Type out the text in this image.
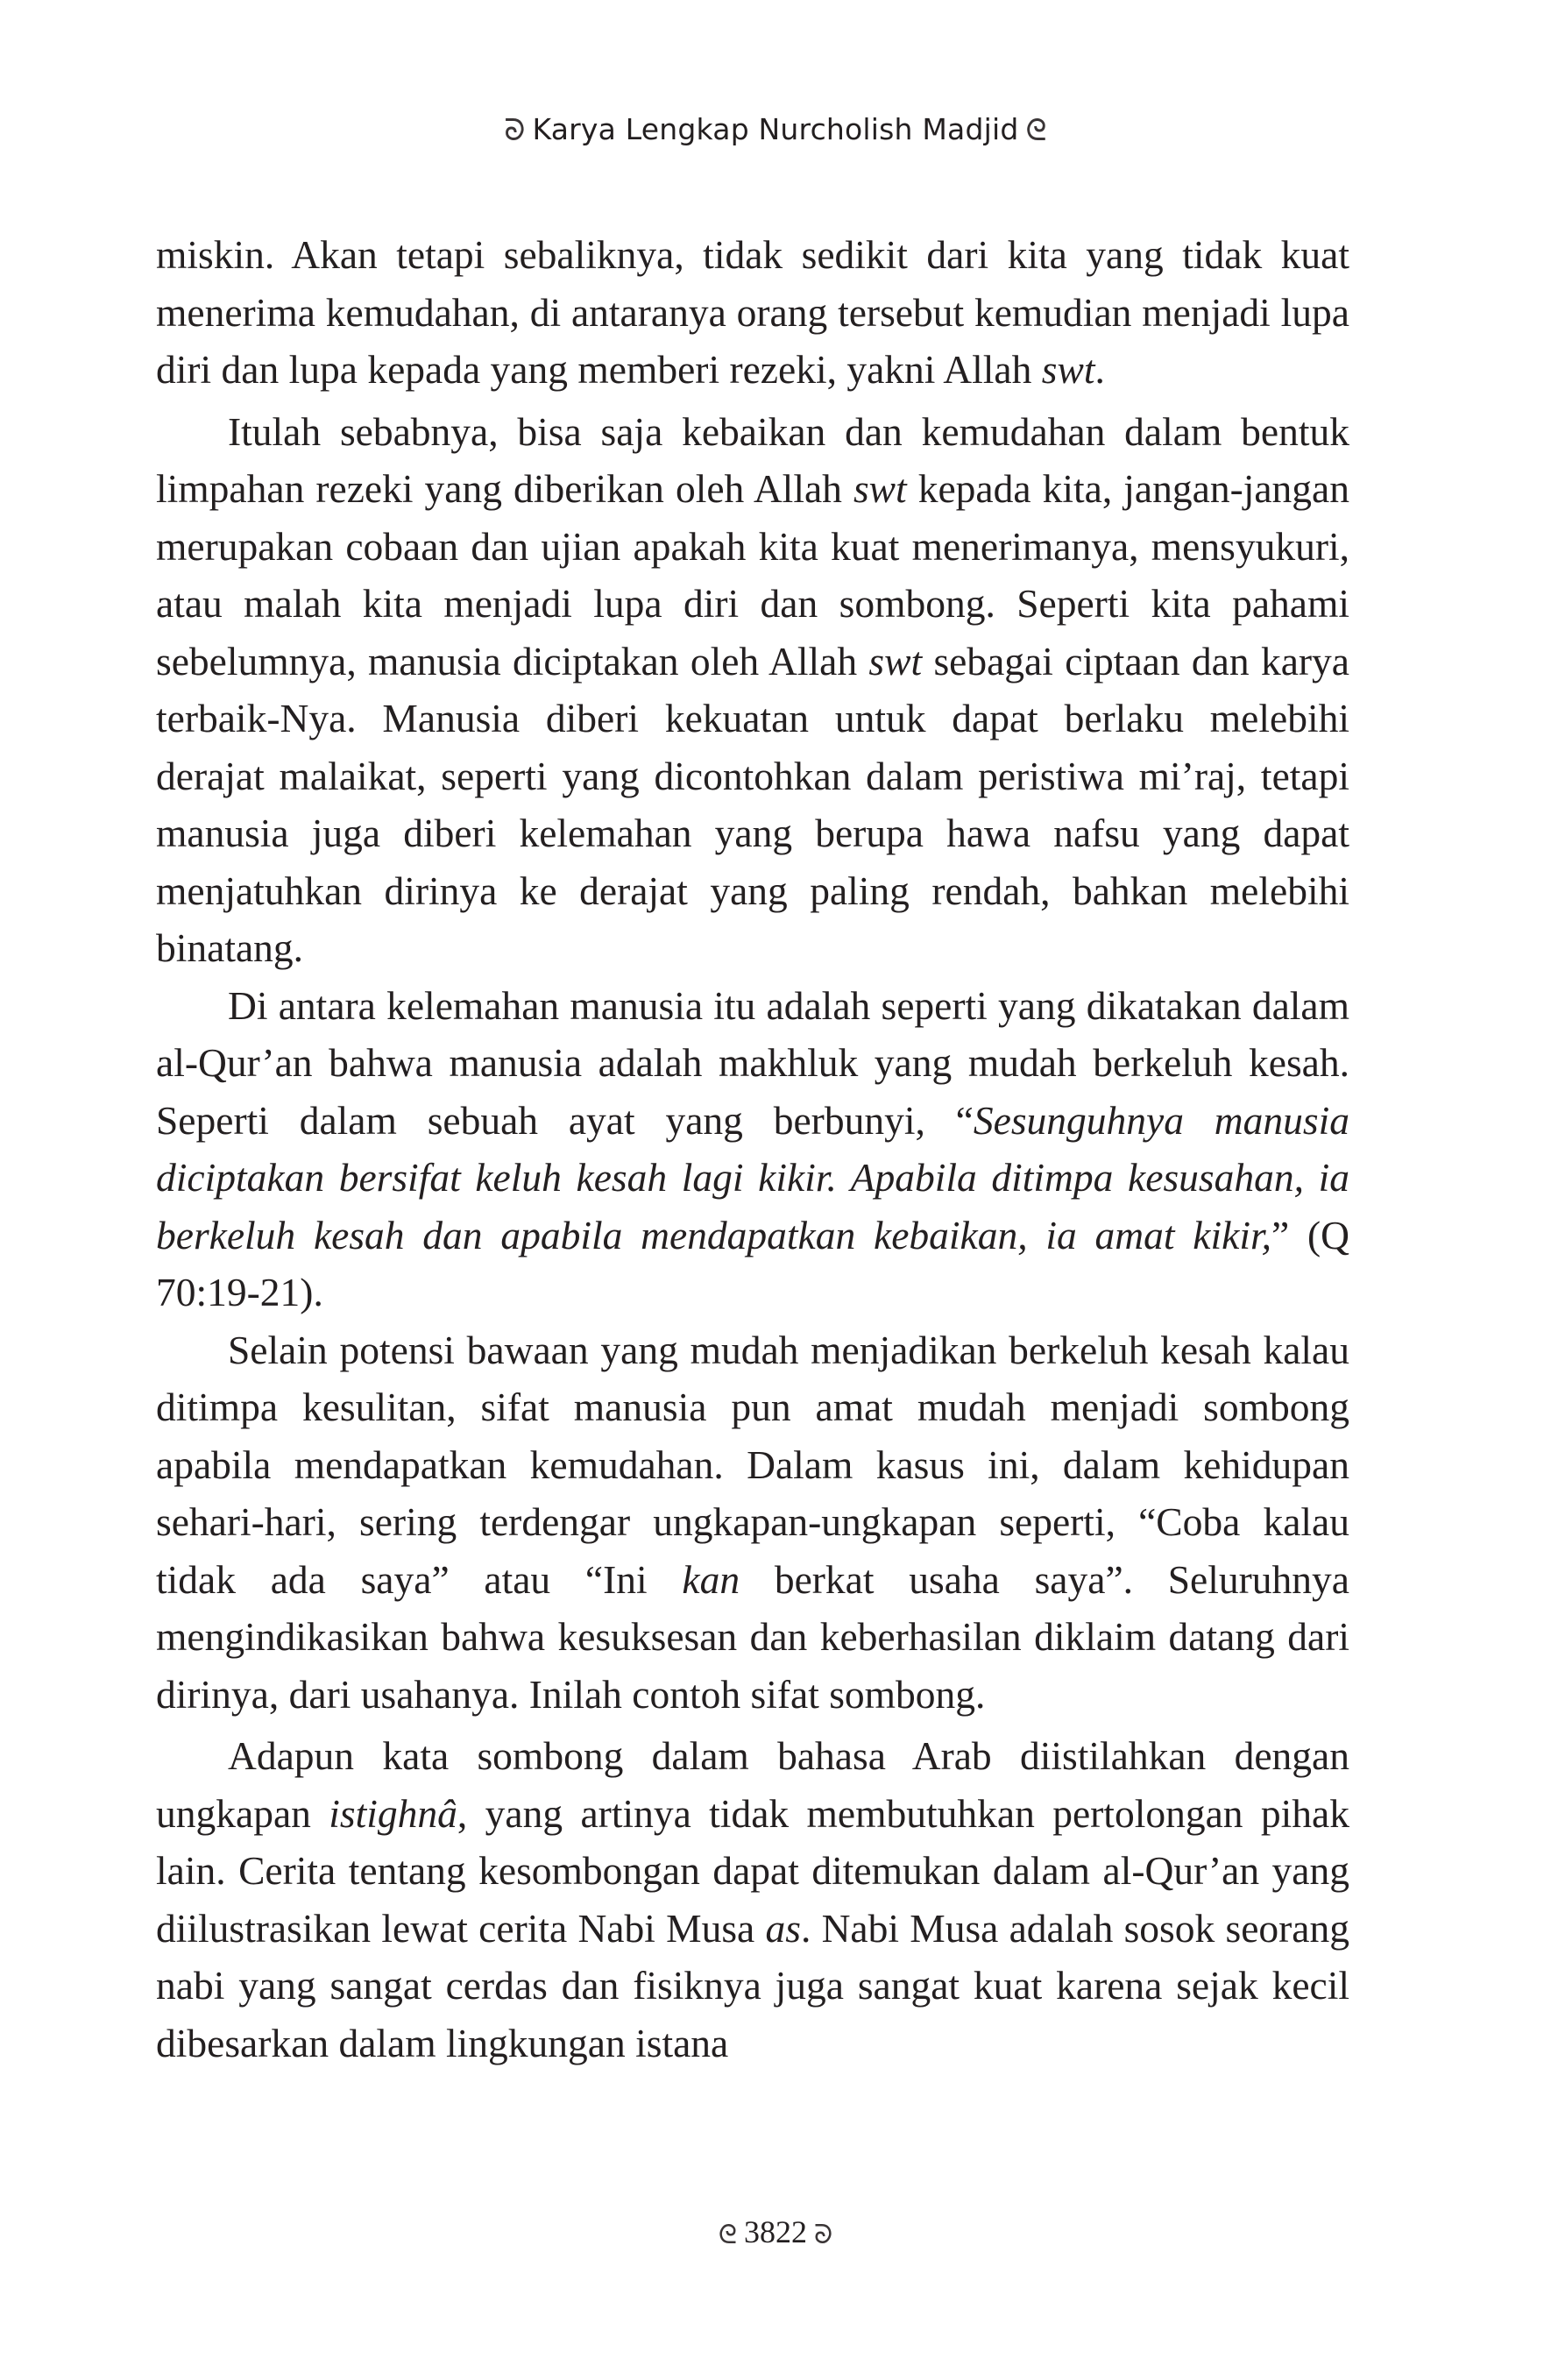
ᘐ Karya Lengkap Nurcholish Madjid ᘓ

miskin. Akan tetapi sebaliknya, tidak sedikit dari kita yang tidak kuat menerima kemudahan, di antaranya orang tersebut kemudian menjadi lupa diri dan lupa kepada yang memberi rezeki, yakni Allah swt.

Itulah sebabnya, bisa saja kebaikan dan kemudahan dalam bentuk limpahan rezeki yang diberikan oleh Allah swt kepada kita, jangan-jangan merupakan cobaan dan ujian apakah kita kuat menerimanya, mensyukuri, atau malah kita menjadi lupa diri dan sombong. Seperti kita pahami sebelumnya, manusia diciptakan oleh Allah swt sebagai ciptaan dan karya terbaik-Nya. Manusia diberi kekuatan untuk dapat berlaku melebihi derajat malaikat, seperti yang dicontohkan dalam peristiwa mi’raj, tetapi manusia juga diberi kelemahan yang berupa hawa nafsu yang dapat menjatuhkan dirinya ke derajat yang paling rendah, bahkan melebihi binatang.

Di antara kelemahan manusia itu adalah seperti yang dikatakan dalam al-Qur’an bahwa manusia adalah makhluk yang mudah berkeluh kesah. Seperti dalam sebuah ayat yang berbunyi, “Sesunguhnya manusia diciptakan bersifat keluh kesah lagi kikir. Apabila ditimpa kesusahan, ia berkeluh kesah dan apabila mendapatkan kebaikan, ia amat kikir,” (Q 70:19-21).

Selain potensi bawaan yang mudah menjadikan berkeluh kesah kalau ditimpa kesulitan, sifat manusia pun amat mudah menjadi sombong apabila mendapatkan kemudahan. Dalam kasus ini, dalam kehidupan sehari-hari, sering terdengar ungkapan-ungkapan seperti, “Coba kalau tidak ada saya” atau “Ini kan berkat usaha saya”. Seluruhnya mengindikasikan bahwa kesuksesan dan keberhasilan diklaim datang dari dirinya, dari usahanya. Inilah contoh sifat sombong.

Adapun kata sombong dalam bahasa Arab diistilahkan dengan ungkapan istighnâ, yang artinya tidak membutuhkan pertolongan pihak lain. Cerita tentang kesombongan dapat ditemukan dalam al-Qur’an yang diilustrasikan lewat cerita Nabi Musa as. Nabi Musa adalah sosok seorang nabi yang sangat cerdas dan fisiknya juga sangat kuat karena sejak kecil dibesarkan dalam lingkungan istana

ᘓ 3822 ᘐ
